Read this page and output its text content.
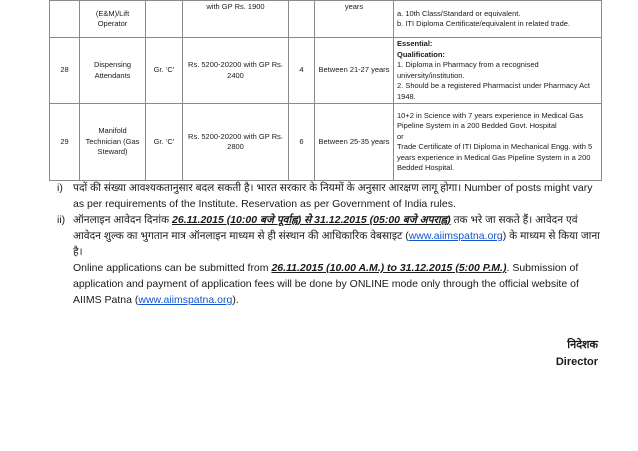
	(E&M)/Lift Operator		with GP Rs. 1900		years	a. 10th Class/Standard or equivalent.
b. ITI Diploma Certificate/equivalent in related trade.

28	Dispensing Attendants	Gr. ‘C’	Rs. 5200-20200 with GP Rs. 2400	4	Between 21-27 years	Essential:
Qualification:
1. Diploma in Pharmacy from a recognised university/institution.
2. Should be a registered Pharmacist under Pharmacy Act 1948.

29	Manifold Technician (Gas Steward)	Gr. ‘C’	Rs. 5200-20200 with GP Rs. 2800	6	Between 25-35 years	10+2 in Science with 7 years experience in Medical Gas Pipeline System in a 200 Bedded Govt. Hospital
or
Trade Certificate of ITI Diploma in Mechanical Engg. with 5 years experience in Medical Gas Pipeline System in a 200 Bedded Hospital.
i) पदों की संख्या आवश्यकतानुसार बदल सकती है। भारत सरकार के नियमों के अनुसार आरक्षण लागू होगा। Number of posts might vary as per requirements of the Institute. Reservation as per Government of India rules.
ii) ऑनलाइन आवेदन दिनांक 26.11.2015 (10:00 बजे पूर्वाह्न) से 31.12.2015 (05:00 बजे अपराह्न) तक भरे जा सकते हैं। आवेदन एवं आवेदन शुल्क का भुगतान मात्र ऑनलाइन माध्यम से ही संस्थान की आधिकारिक वेबसाइट (www.aiimspatna.org) के माध्यम से किया जाना है।
Online applications can be submitted from 26.11.2015 (10.00 A.M.) to 31.12.2015 (5:00 P.M.). Submission of application and payment of application fees will be done by ONLINE mode only through the official website of AIIMS Patna (www.aiimspatna.org).
निदेशक
Director
